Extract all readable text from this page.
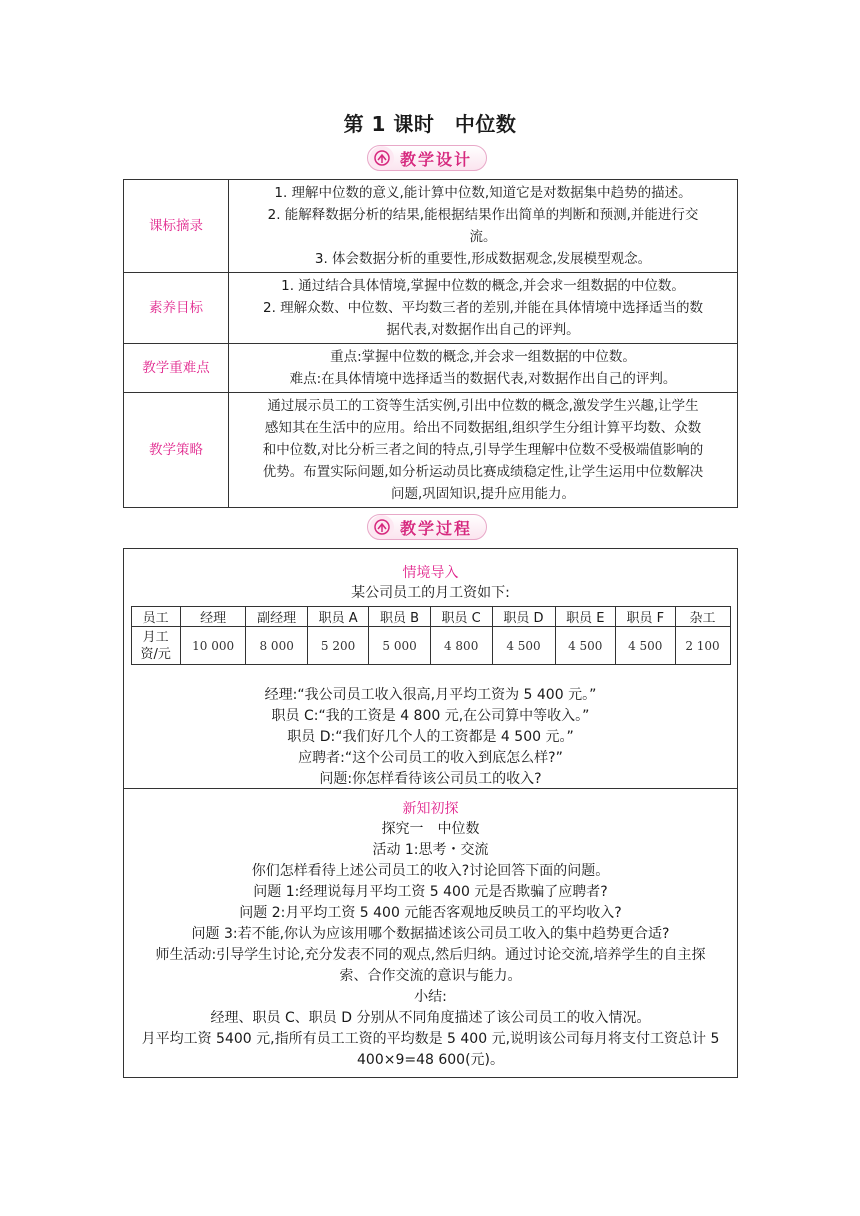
第 1 课时　中位数
教学设计
课标摘录	1. 理解中位数的意义,能计算中位数,知道它是对数据集中趋势的描述。
2. 能解释数据分析的结果,能根据结果作出简单的判断和预测,并能进行交
流。
3. 体会数据分析的重要性,形成数据观念,发展模型观念。

素养目标	1. 通过结合具体情境,掌握中位数的概念,并会求一组数据的中位数。
2. 理解众数、中位数、平均数三者的差别,并能在具体情境中选择适当的数
据代表,对数据作出自己的评判。

教学重难点	重点:掌握中位数的概念,并会求一组数据的中位数。
难点:在具体情境中选择适当的数据代表,对数据作出自己的评判。

教学策略	通过展示员工的工资等生活实例,引出中位数的概念,激发学生兴趣,让学生
感知其在生活中的应用。给出不同数据组,组织学生分组计算平均数、众数
和中位数,对比分析三者之间的特点,引导学生理解中位数不受极端值影响的
优势。布置实际问题,如分析运动员比赛成绩稳定性,让学生运用中位数解决
问题,巩固知识,提升应用能力。
教学过程
情境导入
某公司员工的月工资如下:
员工	经理	副经理	职员 A	职员 B	职员 C	职员 D	职员 E	职员 F	杂工
月工
资/元	10 000	8 000	5 200	5 000	4 800	4 500	4 500	4 500	2 100
经理:“我公司员工收入很高,月平均工资为 5 400 元。”
职员 C:“我的工资是 4 800 元,在公司算中等收入。”
职员 D:“我们好几个人的工资都是 4 500 元。”
应聘者:“这个公司员工的收入到底怎么样?”
问题:你怎样看待该公司员工的收入?
新知初探
探究一　中位数
活动 1:思考・交流
你们怎样看待上述公司员工的收入?讨论回答下面的问题。
问题 1:经理说每月平均工资 5 400 元是否欺骗了应聘者?
问题 2:月平均工资 5 400 元能否客观地反映员工的平均收入?
问题 3:若不能,你认为应该用哪个数据描述该公司员工收入的集中趋势更合适?
师生活动:引导学生讨论,充分发表不同的观点,然后归纳。通过讨论交流,培养学生的自主探
索、合作交流的意识与能力。
小结:
经理、职员 C、职员 D 分别从不同角度描述了该公司员工的收入情况。
月平均工资 5400 元,指所有员工工资的平均数是 5 400 元,说明该公司每月将支付工资总计 5
400×9=48 600(元)。
